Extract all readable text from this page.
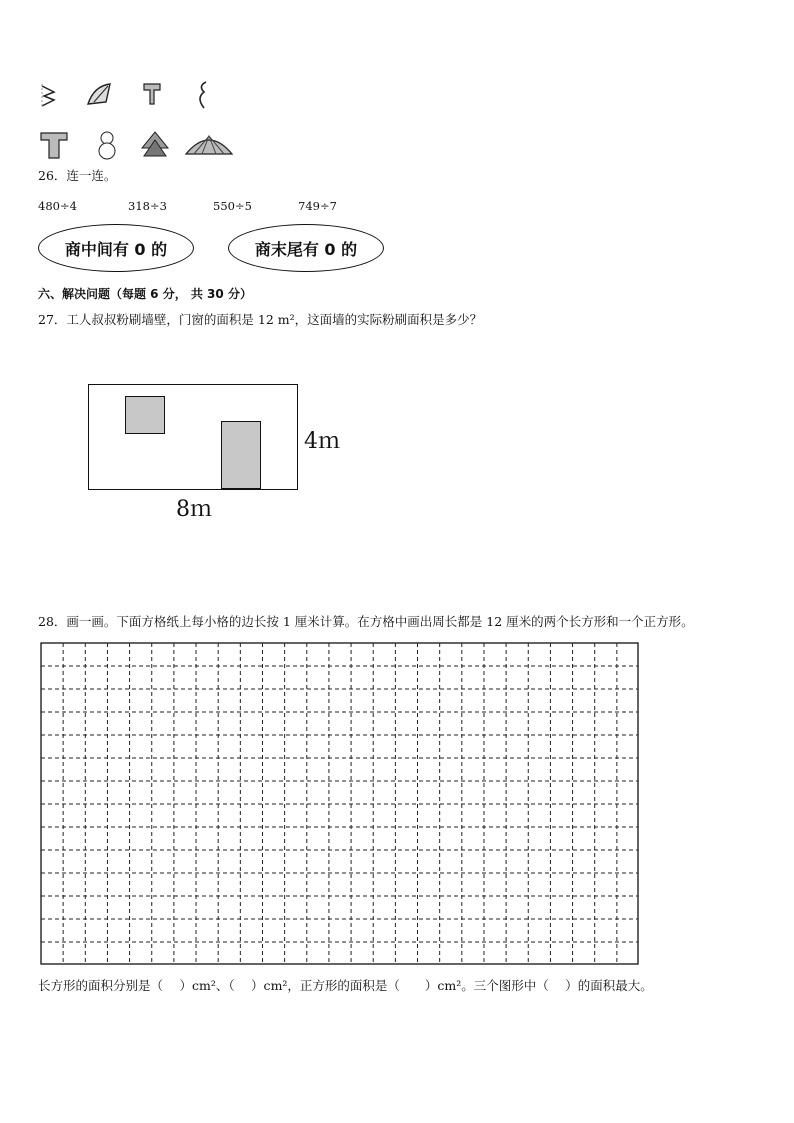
26．连一连。
480÷4	318÷3	550÷5	749÷7
商中间有 0 的	商末尾有 0 的
六、解决问题（每题 6 分， 共 30 分）
27．工人叔叔粉刷墙壁，门窗的面积是 12 m²，这面墙的实际粉刷面积是多少？
4ｍ
8ｍ
28．画一画。下面方格纸上每小格的边长按 1 厘米计算。在方格中画出周长都是 12 厘米的两个长方形和一个正方形。
长方形的面积分别是（　 ）cm²、（　 ）cm²，正方形的面积是（　　）cm²。三个图形中（　 ）的面积最大。
